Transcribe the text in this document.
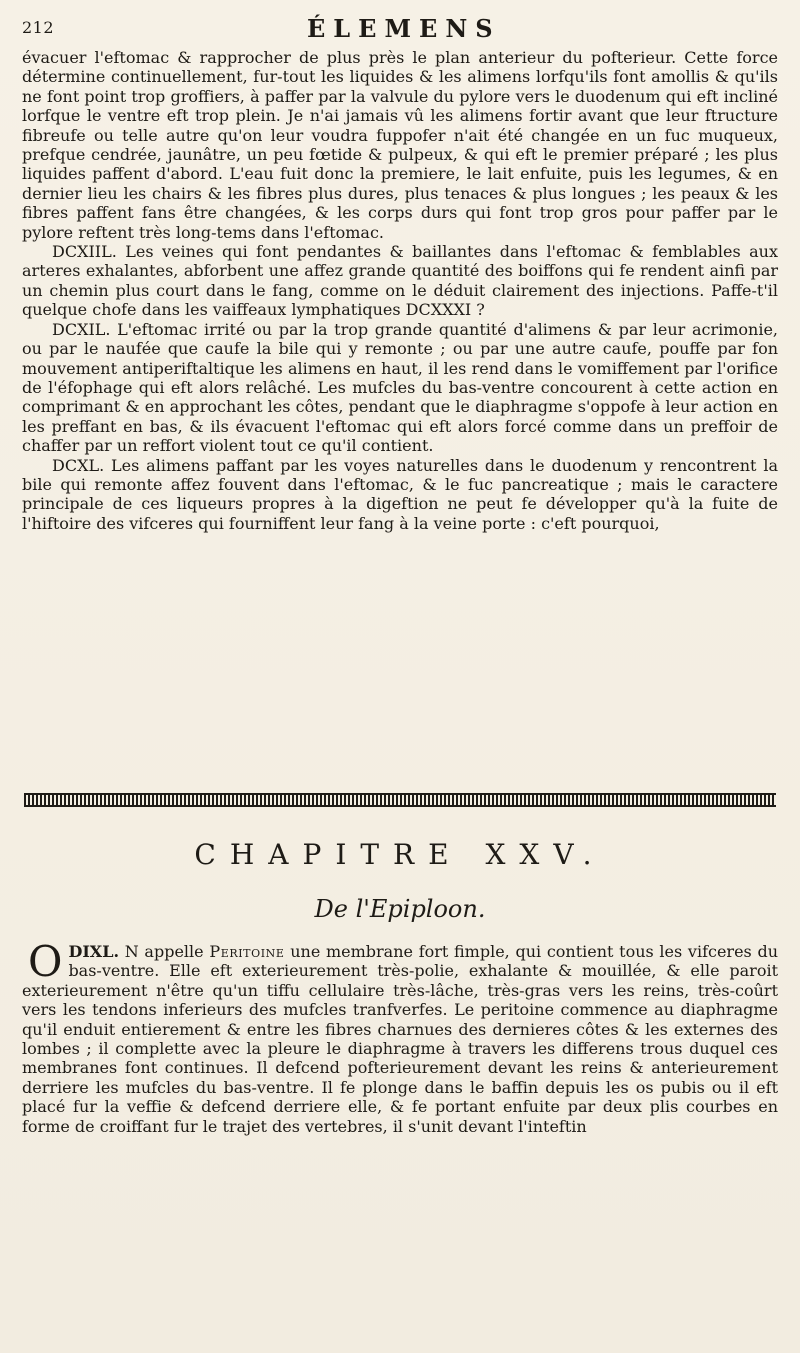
212	ÉLEMENS

évacuer l'eftomac & rapprocher de plus près le plan anterieur du pofterieur. Cette force détermine continuellement, fur-tout les liquides & les alimens lorfqu'ils font amollis & qu'ils ne font point trop groffiers, à paffer par la valvule du pylore vers le duodenum qui eft incliné lorfque le ventre eft trop plein. Je n'ai jamais vû les alimens fortir avant que leur ftructure fibreufe ou telle autre qu'on leur voudra fuppofer n'ait été changée en un fuc muqueux, prefque cendrée, jaunâtre, un peu fœtide & pulpeux, & qui eft le premier préparé ; les plus liquides paffent d'abord. L'eau fuit donc la premiere, le lait enfuite, puis les legumes, & en dernier lieu les chairs & les fibres plus dures, plus tenaces & plus longues ; les peaux & les fibres paffent fans être changées, & les corps durs qui font trop gros pour paffer par le pylore reftent très long-tems dans l'eftomac.

DCXIIL. Les veines qui font pendantes & baillantes dans l'eftomac & femblables aux arteres exhalantes, abforbent une affez grande quantité des boiffons qui fe rendent ainfi par un chemin plus court dans le fang, comme on le déduit clairement des injections. Paffe-t'il quelque chofe dans les vaiffeaux lymphatiques DCXXXI ?

DCXIL. L'eftomac irrité ou par la trop grande quantité d'alimens & par leur acrimonie, ou par le naufée que caufe la bile qui y remonte ; ou par une autre caufe, pouffe par fon mouvement antiperiftaltique les alimens en haut, il les rend dans le vomiffement par l'orifice de l'éfophage qui eft alors relâché. Les mufcles du bas-ventre concourent à cette action en comprimant & en approchant les côtes, pendant que le diaphragme s'oppofe à leur action en les preffant en bas, & ils évacuent l'eftomac qui eft alors forcé comme dans un preffoir de chaffer par un reffort violent tout ce qu'il contient.

DCXL. Les alimens paffant par les voyes naturelles dans le duodenum y rencontrent la bile qui remonte affez fouvent dans l'eftomac, & le fuc pancreatique ; mais le caractere principale de ces liqueurs propres à la digeftion ne peut fe développer qu'à la fuite de l'hiftoire des vifceres qui fourniffent leur fang à la veine porte : c'eft pourquoi,

CHAPITRE XXV.
De l'Epiploon.

DIXL.
O	N appelle Peritoine une membrane fort fimple, qui contient tous les vifceres du bas-ventre. Elle eft exterieurement très-polie, exhalante & mouillée, & elle paroit exterieurement n'être qu'un tiffu cellulaire très-lâche, très-gras vers les reins, très-coûrt vers les tendons inferieurs des mufcles tranfverfes. Le peritoine commence au diaphragme qu'il enduit entierement & entre les fibres charnues des dernieres côtes & les externes des lombes ; il complette avec la pleure le diaphragme à travers les differens trous duquel ces membranes font continues. Il defcend pofterieurement devant les reins & anterieurement derriere les mufcles du bas-ventre. Il fe plonge dans le baffin depuis les os pubis ou il eft placé fur la veffie & defcend derriere elle, & fe portant enfuite par deux plis courbes en forme de croiffant fur le trajet des vertebres, il s'unit devant l'inteftin
